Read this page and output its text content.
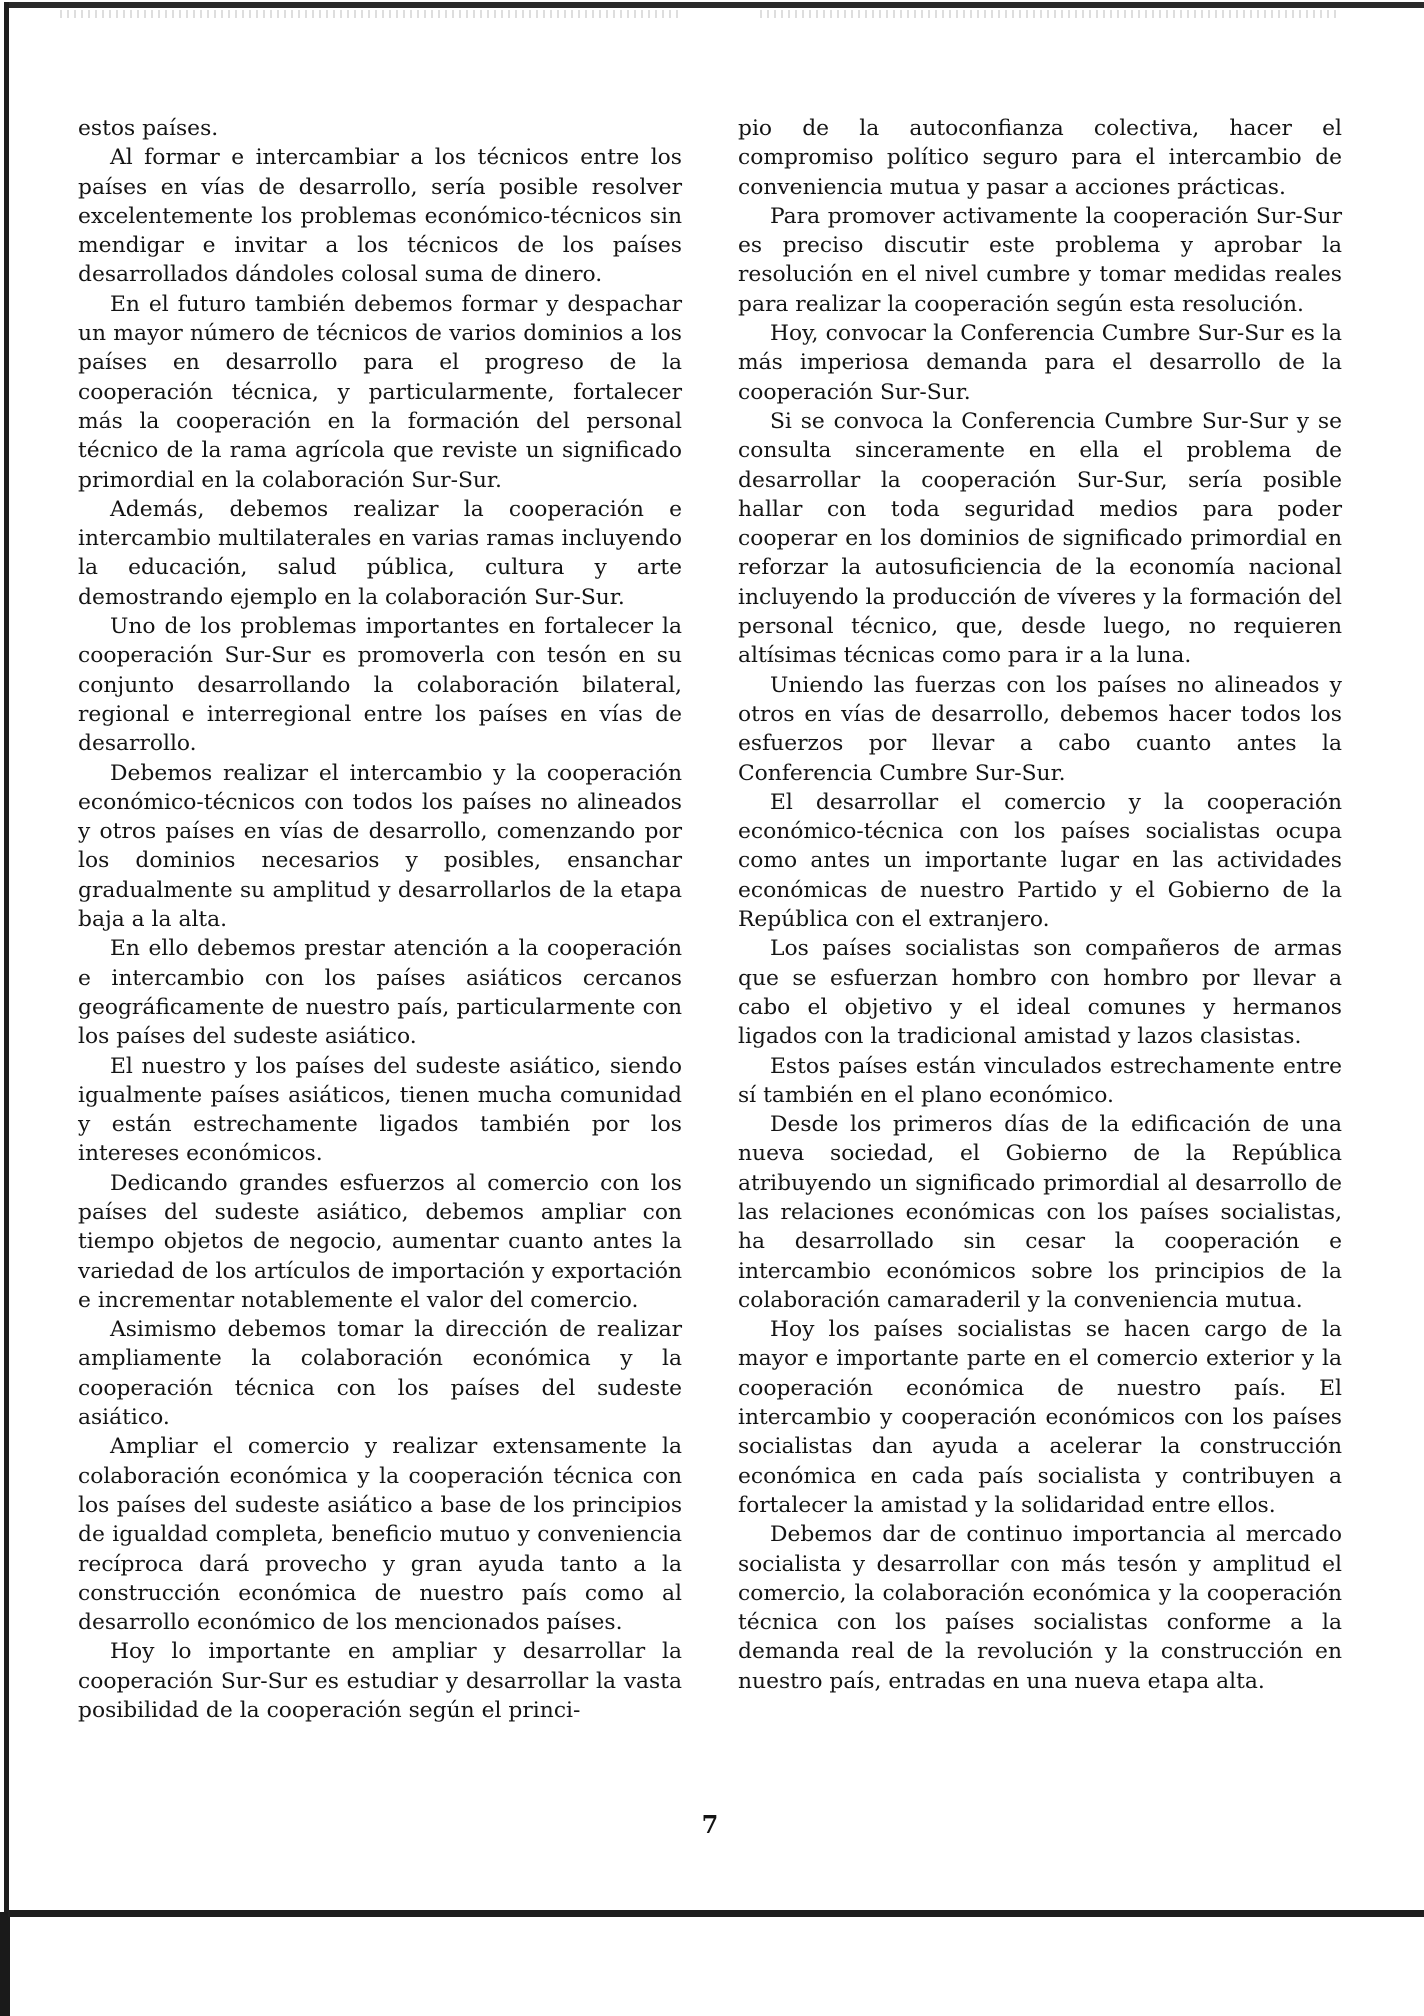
estos países.

Al formar e intercambiar a los técnicos entre los países en vías de desarrollo, sería posible resolver excelentemente los problemas económico-técnicos sin mendigar e invitar a los técnicos de los países desarrollados dándoles colosal suma de dinero.

En el futuro también debemos formar y despachar un mayor número de técnicos de varios dominios a los países en desarrollo para el progreso de la cooperación técnica, y particularmente, fortalecer más la cooperación en la formación del personal técnico de la rama agrícola que reviste un significado primordial en la colaboración Sur-Sur.

Además, debemos realizar la cooperación e intercambio multilaterales en varias ramas incluyendo la educación, salud pública, cultura y arte demostrando ejemplo en la colaboración Sur-Sur.

Uno de los problemas importantes en fortalecer la cooperación Sur-Sur es promoverla con tesón en su conjunto desarrollando la colaboración bilateral, regional e interregional entre los países en vías de desarrollo.

Debemos realizar el intercambio y la cooperación económico-técnicos con todos los países no alineados y otros países en vías de desarrollo, comenzando por los dominios necesarios y posibles, ensanchar gradualmente su amplitud y desarrollarlos de la etapa baja a la alta.

En ello debemos prestar atención a la cooperación e intercambio con los países asiáticos cercanos geográficamente de nuestro país, particularmente con los países del sudeste asiático.

El nuestro y los países del sudeste asiático, siendo igualmente países asiáticos, tienen mucha comunidad y están estrechamente ligados también por los intereses económicos.

Dedicando grandes esfuerzos al comercio con los países del sudeste asiático, debemos ampliar con tiempo objetos de negocio, aumentar cuanto antes la variedad de los artículos de importación y exportación e incrementar notablemente el valor del comercio.

Asimismo debemos tomar la dirección de realizar ampliamente la colaboración económica y la cooperación técnica con los países del sudeste asiático.

Ampliar el comercio y realizar extensamente la colaboración económica y la cooperación técnica con los países del sudeste asiático a base de los principios de igualdad completa, beneficio mutuo y conveniencia recíproca dará provecho y gran ayuda tanto a la construcción económica de nuestro país como al desarrollo económico de los mencionados países.

Hoy lo importante en ampliar y desarrollar la cooperación Sur-Sur es estudiar y desarrollar la vasta posibilidad de la cooperación según el princi-

pio de la autoconfianza colectiva, hacer el compromiso político seguro para el intercambio de conveniencia mutua y pasar a acciones prácticas.

Para promover activamente la cooperación Sur-Sur es preciso discutir este problema y aprobar la resolución en el nivel cumbre y tomar medidas reales para realizar la cooperación según esta resolución.

Hoy, convocar la Conferencia Cumbre Sur-Sur es la más imperiosa demanda para el desarrollo de la cooperación Sur-Sur.

Si se convoca la Conferencia Cumbre Sur-Sur y se consulta sinceramente en ella el problema de desarrollar la cooperación Sur-Sur, sería posible hallar con toda seguridad medios para poder cooperar en los dominios de significado primordial en reforzar la autosuficiencia de la economía nacional incluyendo la producción de víveres y la formación del personal técnico, que, desde luego, no requieren altísimas técnicas como para ir a la luna.

Uniendo las fuerzas con los países no alineados y otros en vías de desarrollo, debemos hacer todos los esfuerzos por llevar a cabo cuanto antes la Conferencia Cumbre Sur-Sur.

El desarrollar el comercio y la cooperación económico-técnica con los países socialistas ocupa como antes un importante lugar en las actividades económicas de nuestro Partido y el Gobierno de la República con el extranjero.

Los países socialistas son compañeros de armas que se esfuerzan hombro con hombro por llevar a cabo el objetivo y el ideal comunes y hermanos ligados con la tradicional amistad y lazos clasistas.

Estos países están vinculados estrechamente entre sí también en el plano económico.

Desde los primeros días de la edificación de una nueva sociedad, el Gobierno de la República atribuyendo un significado primordial al desarrollo de las relaciones económicas con los países socialistas, ha desarrollado sin cesar la cooperación e intercambio económicos sobre los principios de la colaboración camaraderil y la conveniencia mutua.

Hoy los países socialistas se hacen cargo de la mayor e importante parte en el comercio exterior y la cooperación económica de nuestro país. El intercambio y cooperación económicos con los países socialistas dan ayuda a acelerar la construcción económica en cada país socialista y contribuyen a fortalecer la amistad y la solidaridad entre ellos.

Debemos dar de continuo importancia al mercado socialista y desarrollar con más tesón y amplitud el comercio, la colaboración económica y la cooperación técnica con los países socialistas conforme a la demanda real de la revolución y la construcción en nuestro país, entradas en una nueva etapa alta.

7
